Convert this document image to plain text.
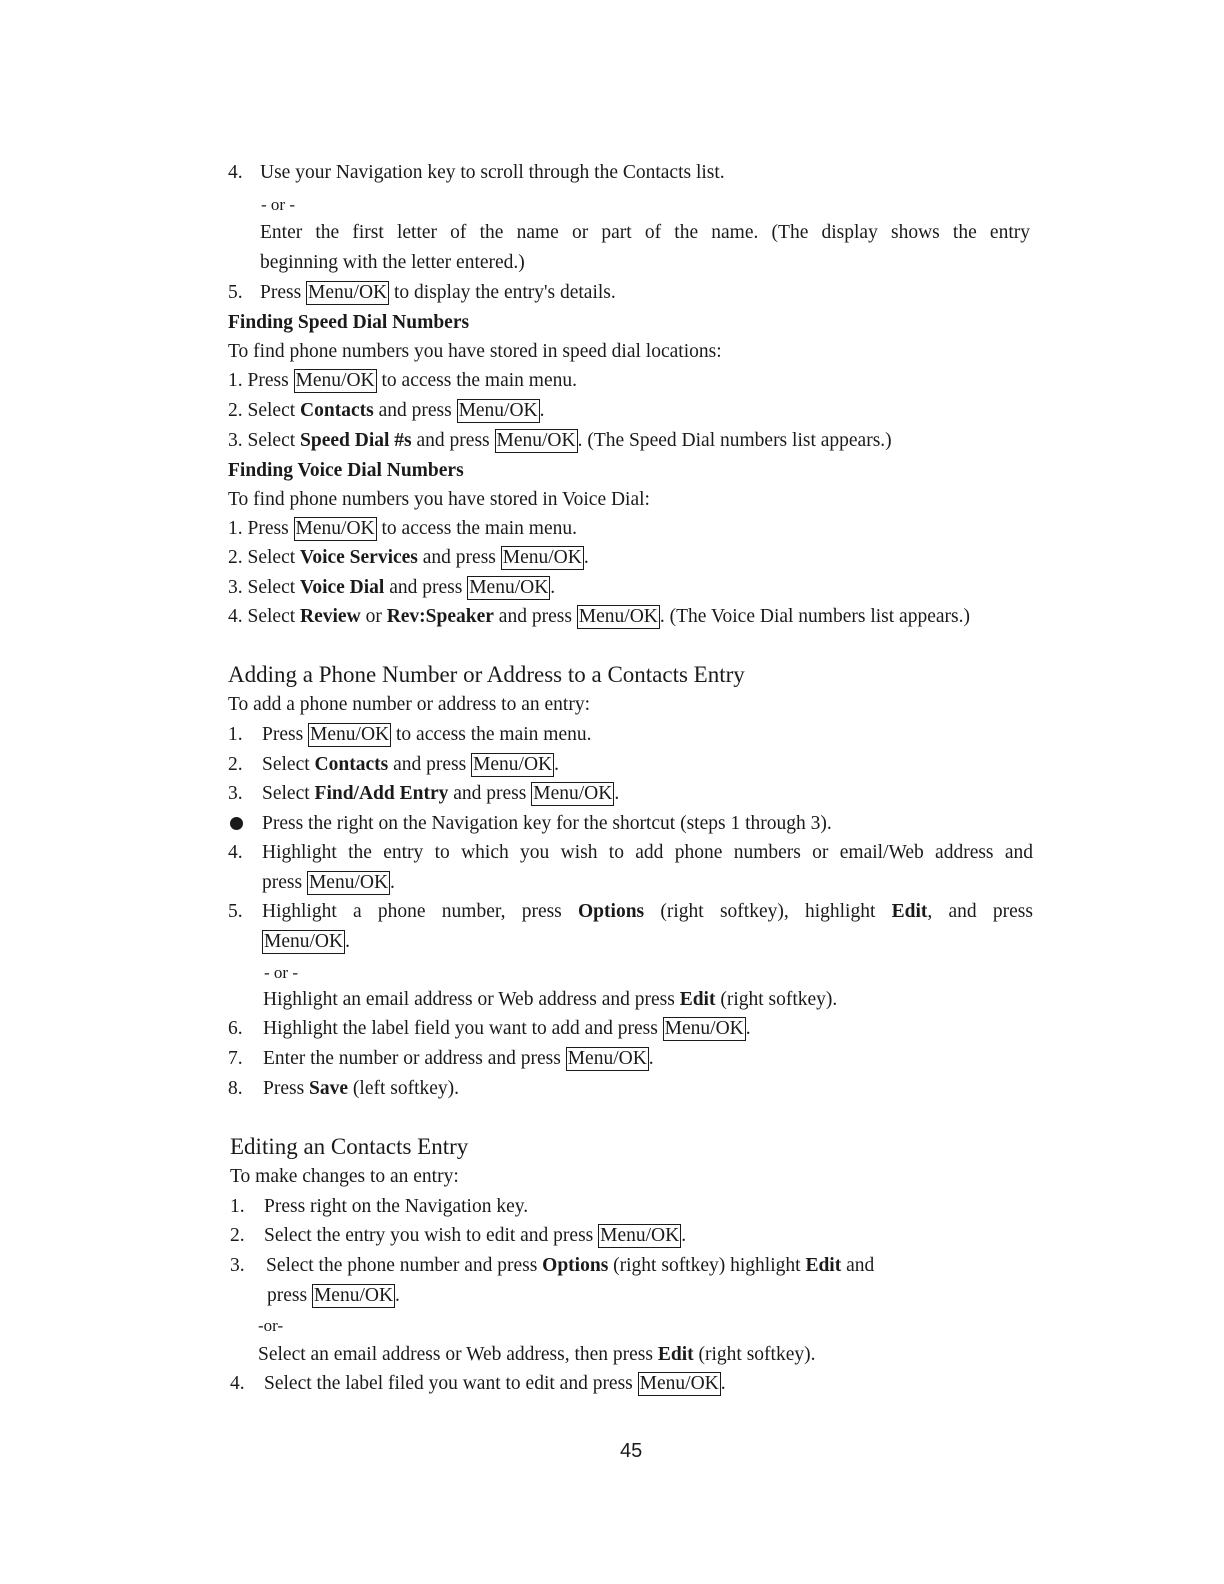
4. Use your Navigation key to scroll through the Contacts list.
- or -
Enter the first letter of the name or part of the name. (The display shows the entry
beginning with the letter entered.)
5. Press Menu/OK to display the entry's details.
Finding Speed Dial Numbers
To find phone numbers you have stored in speed dial locations:
1. Press Menu/OK to access the main menu.
2. Select Contacts and press Menu/OK .
3. Select Speed Dial #s and press Menu/OK . (The Speed Dial numbers list appears.)
Finding Voice Dial Numbers
To find phone numbers you have stored in Voice Dial:
1. Press Menu/OK to access the main menu.
2. Select Voice Services and press Menu/OK .
3. Select Voice Dial and press Menu/OK .
4. Select Review or Rev:Speaker and press Menu/OK . (The Voice Dial numbers list appears.)
Adding a Phone Number or Address to a Contacts Entry
To add a phone number or address to an entry:
1. Press Menu/OK to access the main menu.
2. Select Contacts and press Menu/OK .
3. Select Find/Add Entry and press Menu/OK .
Press the right on the Navigation key for the shortcut (steps 1 through 3).
4. Highlight the entry to which you wish to add phone numbers or email/Web address and
press Menu/OK .
5. Highlight a phone number, press Options (right softkey), highlight Edit, and press
Menu/OK .
- or -
Highlight an email address or Web address and press Edit (right softkey).
6. Highlight the label field you want to add and press Menu/OK .
7. Enter the number or address and press Menu/OK .
8. Press Save (left softkey).
Editing an Contacts Entry
To make changes to an entry:
1. Press right on the Navigation key.
2. Select the entry you wish to edit and press Menu/OK .
3. Select the phone number and press Options (right softkey) highlight Edit and
press Menu/OK .
-or-
Select an email address or Web address, then press Edit (right softkey).
4. Select the label filed you want to edit and press Menu/OK .
45
